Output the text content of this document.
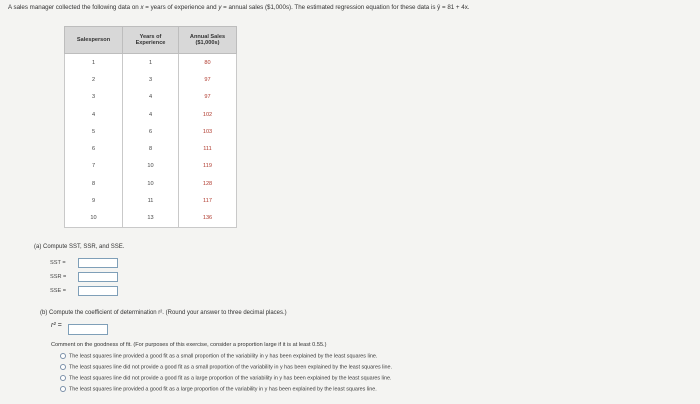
A sales manager collected the following data on x = years of experience and y = annual sales ($1,000s). The estimated regression equation for these data is ŷ = 81 + 4x.
Salesperson	Years of Experience	Annual Sales ($1,000s)
1	1	80
2	3	97
3	4	97
4	4	102
5	6	103
6	8	111
7	10	119
8	10	128
9	11	117
10	13	136
(a) Compute SST, SSR, and SSE.
SST =
SSR =
SSE =
(b) Compute the coefficient of determination r². (Round your answer to three decimal places.)
r² =
Comment on the goodness of fit. (For purposes of this exercise, consider a proportion large if it is at least 0.55.)
The least squares line provided a good fit as a small proportion of the variability in y has been explained by the least squares line.
The least squares line did not provide a good fit as a small proportion of the variability in y has been explained by the least squares line.
The least squares line did not provide a good fit as a large proportion of the variability in y has been explained by the least squares line.
The least squares line provided a good fit as a large proportion of the variability in y has been explained by the least squares line.
